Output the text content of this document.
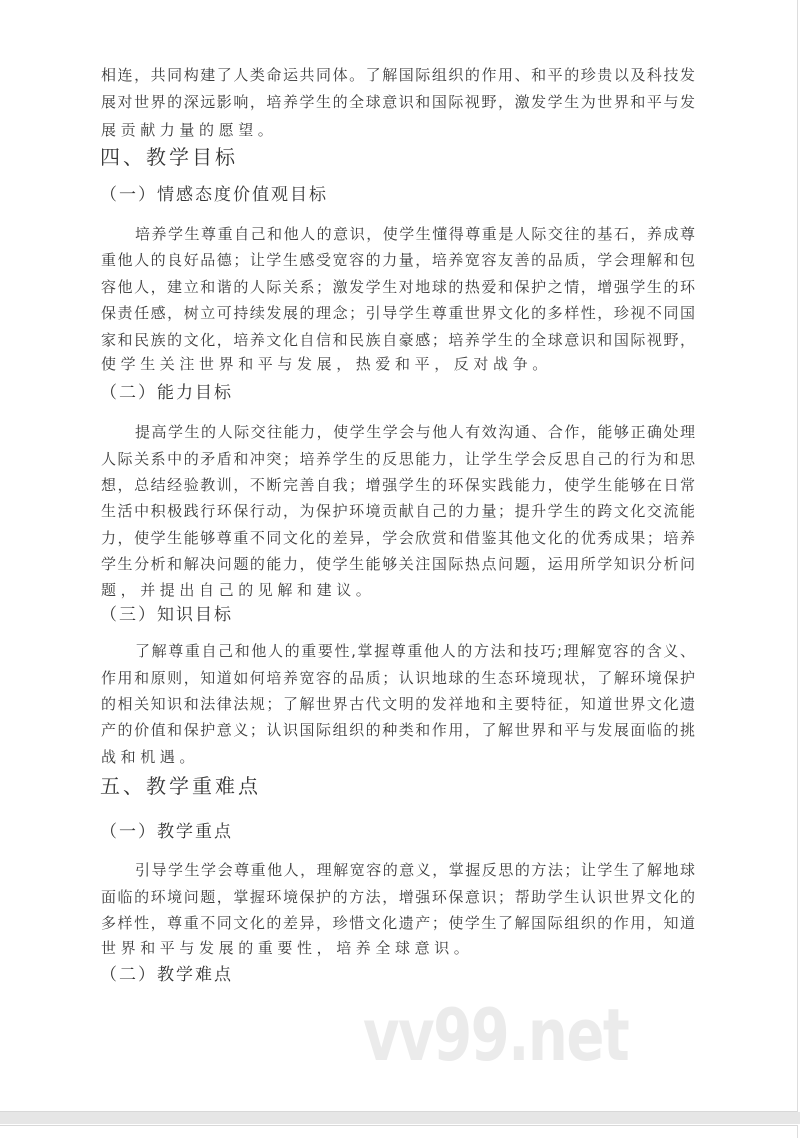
四、教学目标
（一）情感态度价值观目标
（二）能力目标
（三）知识目标
五、教学重难点
（一）教学重点
（二）教学难点
vv99.net
相连，共同构建了人类命运共同体。了解国际组织的作用、和平的珍贵以及科技发
展对世界的深远影响，培养学生的全球意识和国际视野，激发学生为世界和平与发
展贡献力量的愿望。
培养学生尊重自己和他人的意识，使学生懂得尊重是人际交往的基石，养成尊
重他人的良好品德；让学生感受宽容的力量，培养宽容友善的品质，学会理解和包
容他人，建立和谐的人际关系；激发学生对地球的热爱和保护之情，增强学生的环
保责任感，树立可持续发展的理念；引导学生尊重世界文化的多样性，珍视不同国
家和民族的文化，培养文化自信和民族自豪感；培养学生的全球意识和国际视野，
使学生关注世界和平与发展，热爱和平，反对战争。
提高学生的人际交往能力，使学生学会与他人有效沟通、合作，能够正确处理
人际关系中的矛盾和冲突；培养学生的反思能力，让学生学会反思自己的行为和思
想，总结经验教训，不断完善自我；增强学生的环保实践能力，使学生能够在日常
生活中积极践行环保行动，为保护环境贡献自己的力量；提升学生的跨文化交流能
力，使学生能够尊重不同文化的差异，学会欣赏和借鉴其他文化的优秀成果；培养
学生分析和解决问题的能力，使学生能够关注国际热点问题，运用所学知识分析问
题，并提出自己的见解和建议。
了解尊重自己和他人的重要性,掌握尊重他人的方法和技巧;理解宽容的含义、
作用和原则，知道如何培养宽容的品质；认识地球的生态环境现状，了解环境保护
的相关知识和法律法规；了解世界古代文明的发祥地和主要特征，知道世界文化遗
产的价值和保护意义；认识国际组织的种类和作用，了解世界和平与发展面临的挑
战和机遇。
引导学生学会尊重他人，理解宽容的意义，掌握反思的方法；让学生了解地球
面临的环境问题，掌握环境保护的方法，增强环保意识；帮助学生认识世界文化的
多样性，尊重不同文化的差异，珍惜文化遗产；使学生了解国际组织的作用，知道
世界和平与发展的重要性，培养全球意识。
